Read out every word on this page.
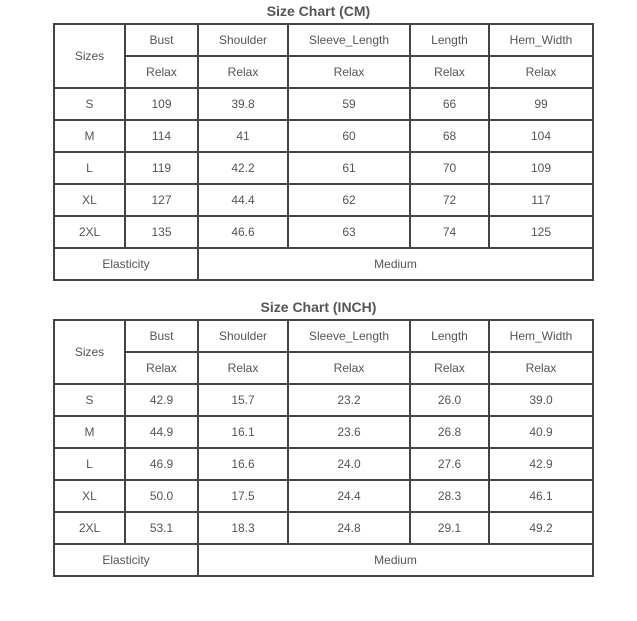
Size Chart (CM)
Sizes	Bust	Shoulder	Sleeve_Length	Length	Hem_Width
	Relax	Relax	Relax	Relax	Relax
S	109	39.8	59	66	99
M	114	41	60	68	104
L	119	42.2	61	70	109
XL	127	44.4	62	72	117
2XL	135	46.6	63	74	125
Elasticity		Medium			
Size Chart (INCH)
Sizes	Bust	Shoulder	Sleeve_Length	Length	Hem_Width
	Relax	Relax	Relax	Relax	Relax
S	42.9	15.7	23.2	26.0	39.0
M	44.9	16.1	23.6	26.8	40.9
L	46.9	16.6	24.0	27.6	42.9
XL	50.0	17.5	24.4	28.3	46.1
2XL	53.1	18.3	24.8	29.1	49.2
Elasticity		Medium			
